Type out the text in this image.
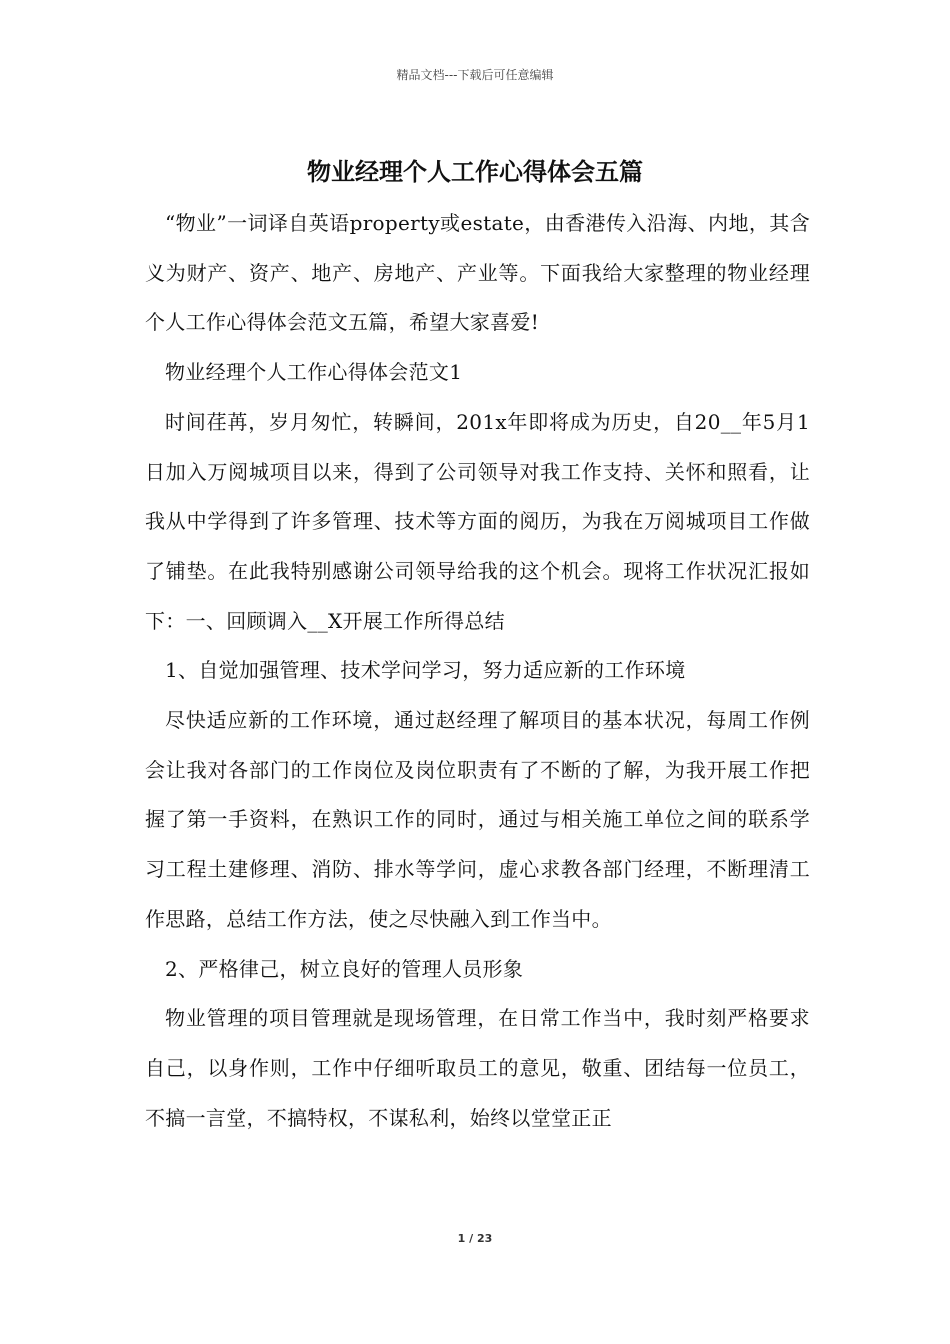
精品文档---下载后可任意编辑
物业经理个人工作心得体会五篇

“物业”一词译自英语property或estate，由香港传入沿海、内地，其含义为财产、资产、地产、房地产、产业等。下面我给大家整理的物业经理个人工作心得体会范文五篇，希望大家喜爱!

物业经理个人工作心得体会范文1

时间荏苒，岁月匆忙，转瞬间，201x年即将成为历史，自20__年5月1日加入万阅城项目以来，得到了公司领导对我工作支持、关怀和照看，让我从中学得到了许多管理、技术等方面的阅历，为我在万阅城项目工作做了铺垫。在此我特别感谢公司领导给我的这个机会。现将工作状况汇报如下：一、回顾调入__X开展工作所得总结

1、自觉加强管理、技术学问学习，努力适应新的工作环境

尽快适应新的工作环境，通过赵经理了解项目的基本状况，每周工作例会让我对各部门的工作岗位及岗位职责有了不断的了解，为我开展工作把握了第一手资料，在熟识工作的同时，通过与相关施工单位之间的联系学习工程土建修理、消防、排水等学问，虚心求教各部门经理，不断理清工作思路，总结工作方法，使之尽快融入到工作当中。

2、严格律己，树立良好的管理人员形象

物业管理的项目管理就是现场管理，在日常工作当中，我时刻严格要求自己，以身作则，工作中仔细听取员工的意见，敬重、团结每一位员工，不搞一言堂，不搞特权，不谋私利，始终以堂堂正正

1 / 23
